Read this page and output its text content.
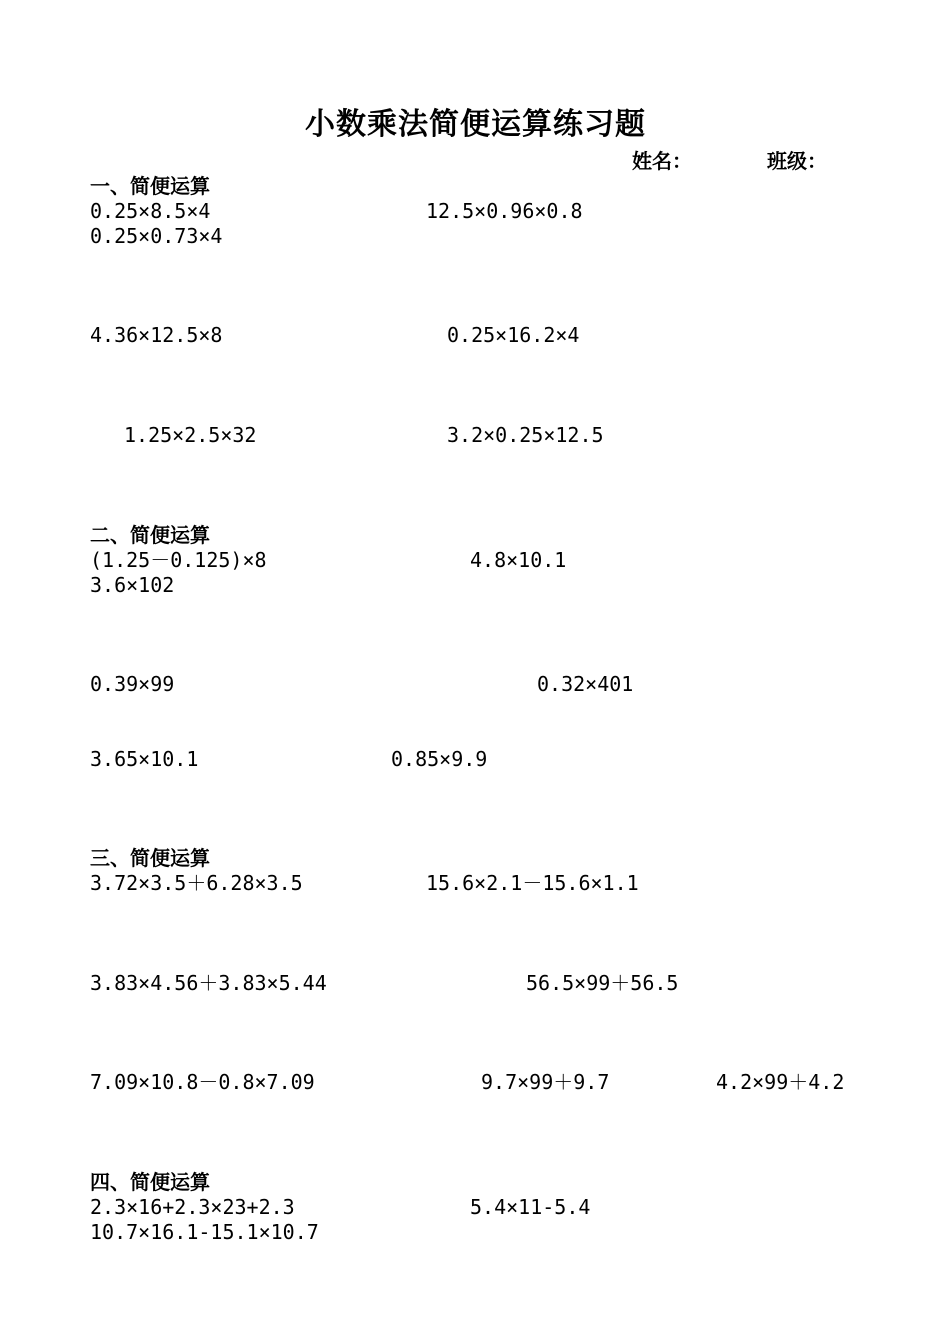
小数乘法简便运算练习题
姓名：	班级：
一、简便运算
0.25×8.5×4	12.5×0.96×0.8
0.25×0.73×4
4.36×12.5×8	0.25×16.2×4
1.25×2.5×32	3.2×0.25×12.5
二、简便运算
(1.25－0.125)×8	4.8×10.1
3.6×102
0.39×99	0.32×401
3.65×10.1	0.85×9.9
三、简便运算
3.72×3.5＋6.28×3.5	15.6×2.1－15.6×1.1
3.83×4.56＋3.83×5.44	56.5×99＋56.5
7.09×10.8－0.8×7.09	9.7×99＋9.7	4.2×99＋4.2
四、简便运算
2.3×16+2.3×23+2.3	5.4×11-5.4
10.7×16.1-15.1×10.7
